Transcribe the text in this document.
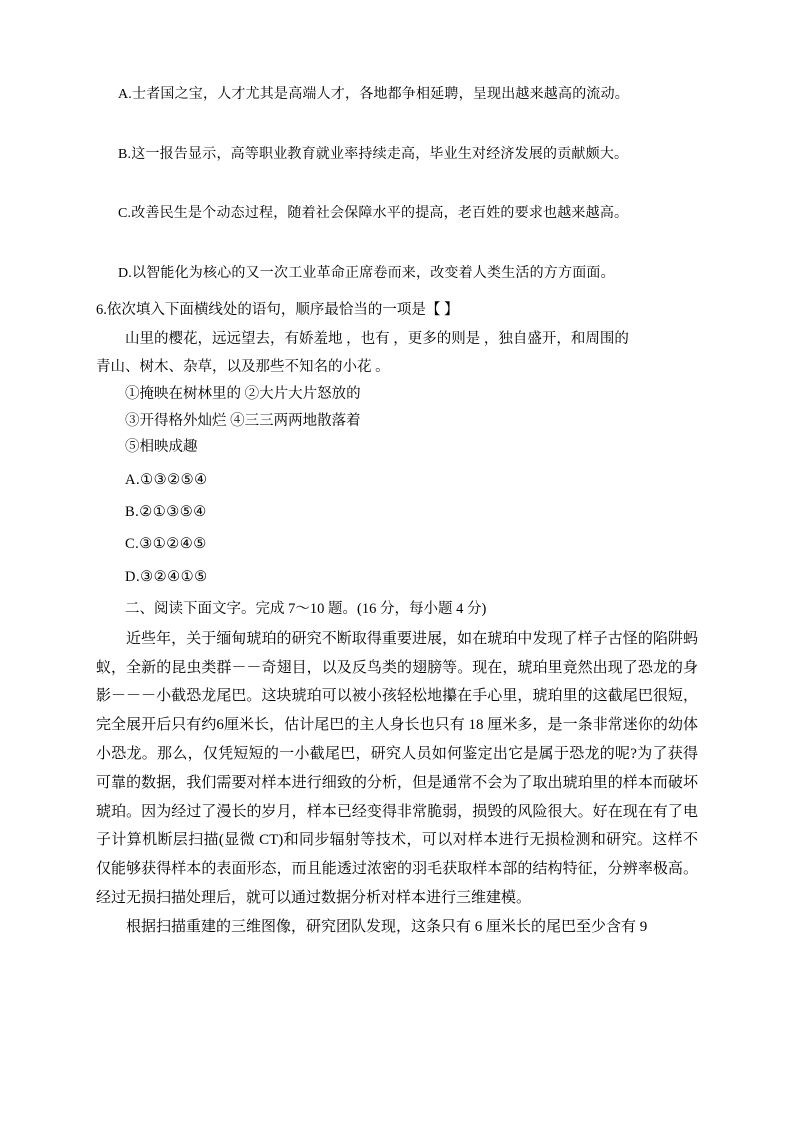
A.士者国之宝，人才尤其是高端人才，各地都争相延聘，呈现出越来越高的流动。
B.这一报告显示，高等职业教育就业率持续走高，毕业生对经济发展的贡献颇大。
C.改善民生是个动态过程，随着社会保障水平的提高，老百姓的要求也越来越高。
D.以智能化为核心的又一次工业革命正席卷而来，改变着人类生活的方方面面。
6.依次填入下面横线处的语句，顺序最恰当的一项是【 】
山里的樱花，远远望去，有娇羞地 ，也有 ，更多的则是 ，独自盛开，和周围的
青山、树木、杂草，以及那些不知名的小花 。
①掩映在树林里的 ②大片大片怒放的
③开得格外灿烂 ④三三两两地散落着
⑤相映成趣
A.①③②⑤④
B.②①③⑤④
C.③①②④⑤
D.③②④①⑤
二、阅读下面文字。完成 7～10 题。(16 分，每小题 4 分)
近些年，关于缅甸琥珀的研究不断取得重要进展，如在琥珀中发现了样子古怪的陷阱蚂蚁，全新的昆虫类群－－奇翅目，以及反鸟类的翅膀等。现在，琥珀里竟然出现了恐龙的身影－－－小截恐龙尾巴。这块琥珀可以被小孩轻松地攥在手心里，琥珀里的这截尾巴很短，完全展开后只有约6厘米长，估计尾巴的主人身长也只有 18 厘米多，是一条非常迷你的幼体小恐龙。那么，仅凭短短的一小截尾巴，研究人员如何鉴定出它是属于恐龙的呢?为了获得可靠的数据，我们需要对样本进行细致的分析，但是通常不会为了取出琥珀里的样本而破坏琥珀。因为经过了漫长的岁月，样本已经变得非常脆弱，损毁的风险很大。好在现在有了电子计算机断层扫描(显微 CT)和同步辐射等技术，可以对样本进行无损检测和研究。这样不仅能够获得样本的表面形态，而且能透过浓密的羽毛获取样本部的结构特征，分辨率极高。经过无损扫描处理后，就可以通过数据分析对样本进行三维建模。
根据扫描重建的三维图像，研究团队发现，这条只有 6 厘米长的尾巴至少含有 9
